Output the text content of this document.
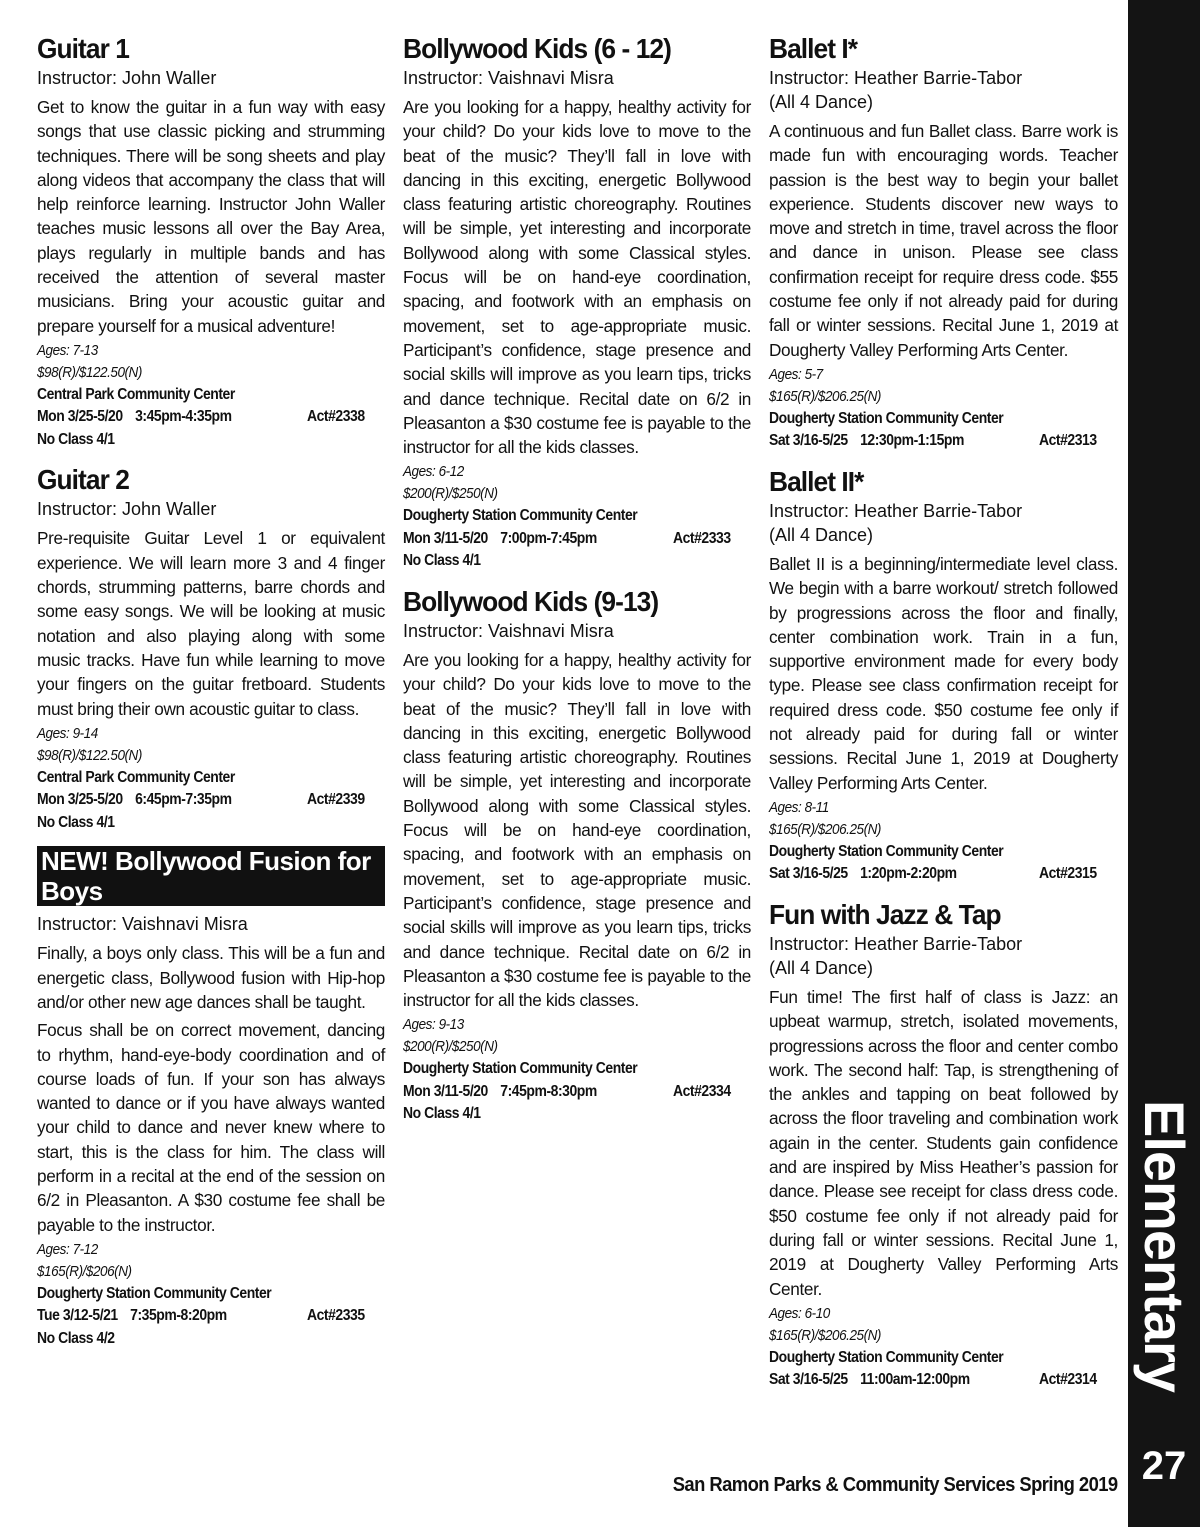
Guitar 1
Instructor: John Waller

Get to know the guitar in a fun way with easy songs that use classic picking and strumming techniques. There will be song sheets and play along videos that accompany the class that will help reinforce learning. Instructor John Waller teaches music lessons all over the Bay Area, plays regularly in multiple bands and has received the attention of several master musicians. Bring your acoustic guitar and prepare yourself for a musical adventure!

Ages: 7-13
$98(R)/$122.50(N)
Central Park Community Center
Mon 3/25-5/20 3:45pm-4:35pm	Act#2338
No Class 4/1
Guitar 2
Instructor: John Waller

Pre-requisite Guitar Level 1 or equivalent experience. We will learn more 3 and 4 finger chords, strumming patterns, barre chords and some easy songs. We will be looking at music notation and also playing along with some music tracks. Have fun while learning to move your fingers on the guitar fretboard. Students must bring their own acoustic guitar to class.

Ages: 9-14
$98(R)/$122.50(N)
Central Park Community Center
Mon 3/25-5/20 6:45pm-7:35pm	Act#2339
No Class 4/1
NEW! Bollywood Fusion for Boys
Instructor: Vaishnavi Misra

Finally, a boys only class. This will be a fun and energetic class, Bollywood fusion with Hip-hop and/or other new age dances shall be taught.

Focus shall be on correct movement, dancing to rhythm, hand-eye-body coordination and of course loads of fun. If your son has always wanted to dance or if you have always wanted your child to dance and never knew where to start, this is the class for him. The class will perform in a recital at the end of the session on 6/2 in Pleasanton. A $30 costume fee shall be payable to the instructor.

Ages: 7-12
$165(R)/$206(N)
Dougherty Station Community Center
Tue 3/12-5/21 7:35pm-8:20pm	Act#2335
No Class 4/2
Bollywood Kids (6 - 12)
Instructor: Vaishnavi Misra

Are you looking for a happy, healthy activity for your child? Do your kids love to move to the beat of the music? They’ll fall in love with dancing in this exciting, energetic Bollywood class featuring artistic choreography. Routines will be simple, yet interesting and incorporate Bollywood along with some Classical styles. Focus will be on hand-eye coordination, spacing, and footwork with an emphasis on movement, set to age-appropriate music. Participant’s confidence, stage presence and social skills will improve as you learn tips, tricks and dance technique. Recital date on 6/2 in Pleasanton a $30 costume fee is payable to the instructor for all the kids classes.

Ages: 6-12
$200(R)/$250(N)
Dougherty Station Community Center
Mon 3/11-5/20 7:00pm-7:45pm	Act#2333
No Class 4/1
Bollywood Kids (9-13)
Instructor: Vaishnavi Misra

Are you looking for a happy, healthy activity for your child? Do your kids love to move to the beat of the music? They’ll fall in love with dancing in this exciting, energetic Bollywood class featuring artistic choreography. Routines will be simple, yet interesting and incorporate Bollywood along with some Classical styles. Focus will be on hand-eye coordination, spacing, and footwork with an emphasis on movement, set to age-appropriate music. Participant’s confidence, stage presence and social skills will improve as you learn tips, tricks and dance technique. Recital date on 6/2 in Pleasanton a $30 costume fee is payable to the instructor for all the kids classes.

Ages: 9-13
$200(R)/$250(N)
Dougherty Station Community Center
Mon 3/11-5/20 7:45pm-8:30pm	Act#2334
No Class 4/1
Ballet I*
Instructor: Heather Barrie-Tabor
(All 4 Dance)

A continuous and fun Ballet class. Barre work is made fun with encouraging words. Teacher passion is the best way to begin your ballet experience. Students discover new ways to move and stretch in time, travel across the floor and dance in unison. Please see class confirmation receipt for require dress code. $55 costume fee only if not already paid for during fall or winter sessions. Recital June 1, 2019 at Dougherty Valley Performing Arts Center.

Ages: 5-7
$165(R)/$206.25(N)
Dougherty Station Community Center
Sat 3/16-5/25 12:30pm-1:15pm	Act#2313
Ballet II*
Instructor: Heather Barrie-Tabor
(All 4 Dance)

Ballet II is a beginning/intermediate level class. We begin with a barre workout/ stretch followed by progressions across the floor and finally, center combination work. Train in a fun, supportive environment made for every body type. Please see class confirmation receipt for required dress code. $50 costume fee only if not already paid for during fall or winter sessions. Recital June 1, 2019 at Dougherty Valley Performing Arts Center.

Ages: 8-11
$165(R)/$206.25(N)
Dougherty Station Community Center
Sat 3/16-5/25 1:20pm-2:20pm	Act#2315
Fun with Jazz & Tap
Instructor: Heather Barrie-Tabor
(All 4 Dance)

Fun time! The first half of class is Jazz: an upbeat warmup, stretch, isolated movements, progressions across the floor and center combo work. The second half: Tap, is strengthening of the ankles and tapping on beat followed by across the floor traveling and combination work again in the center. Students gain confidence and are inspired by Miss Heather’s passion for dance. Please see receipt for class dress code. $50 costume fee only if not already paid for during fall or winter sessions. Recital June 1, 2019 at Dougherty Valley Performing Arts Center.

Ages: 6-10
$165(R)/$206.25(N)
Dougherty Station Community Center
Sat 3/16-5/25 11:00am-12:00pm	Act#2314 Elementary
27
San Ramon Parks & Community Services Spring 2019
